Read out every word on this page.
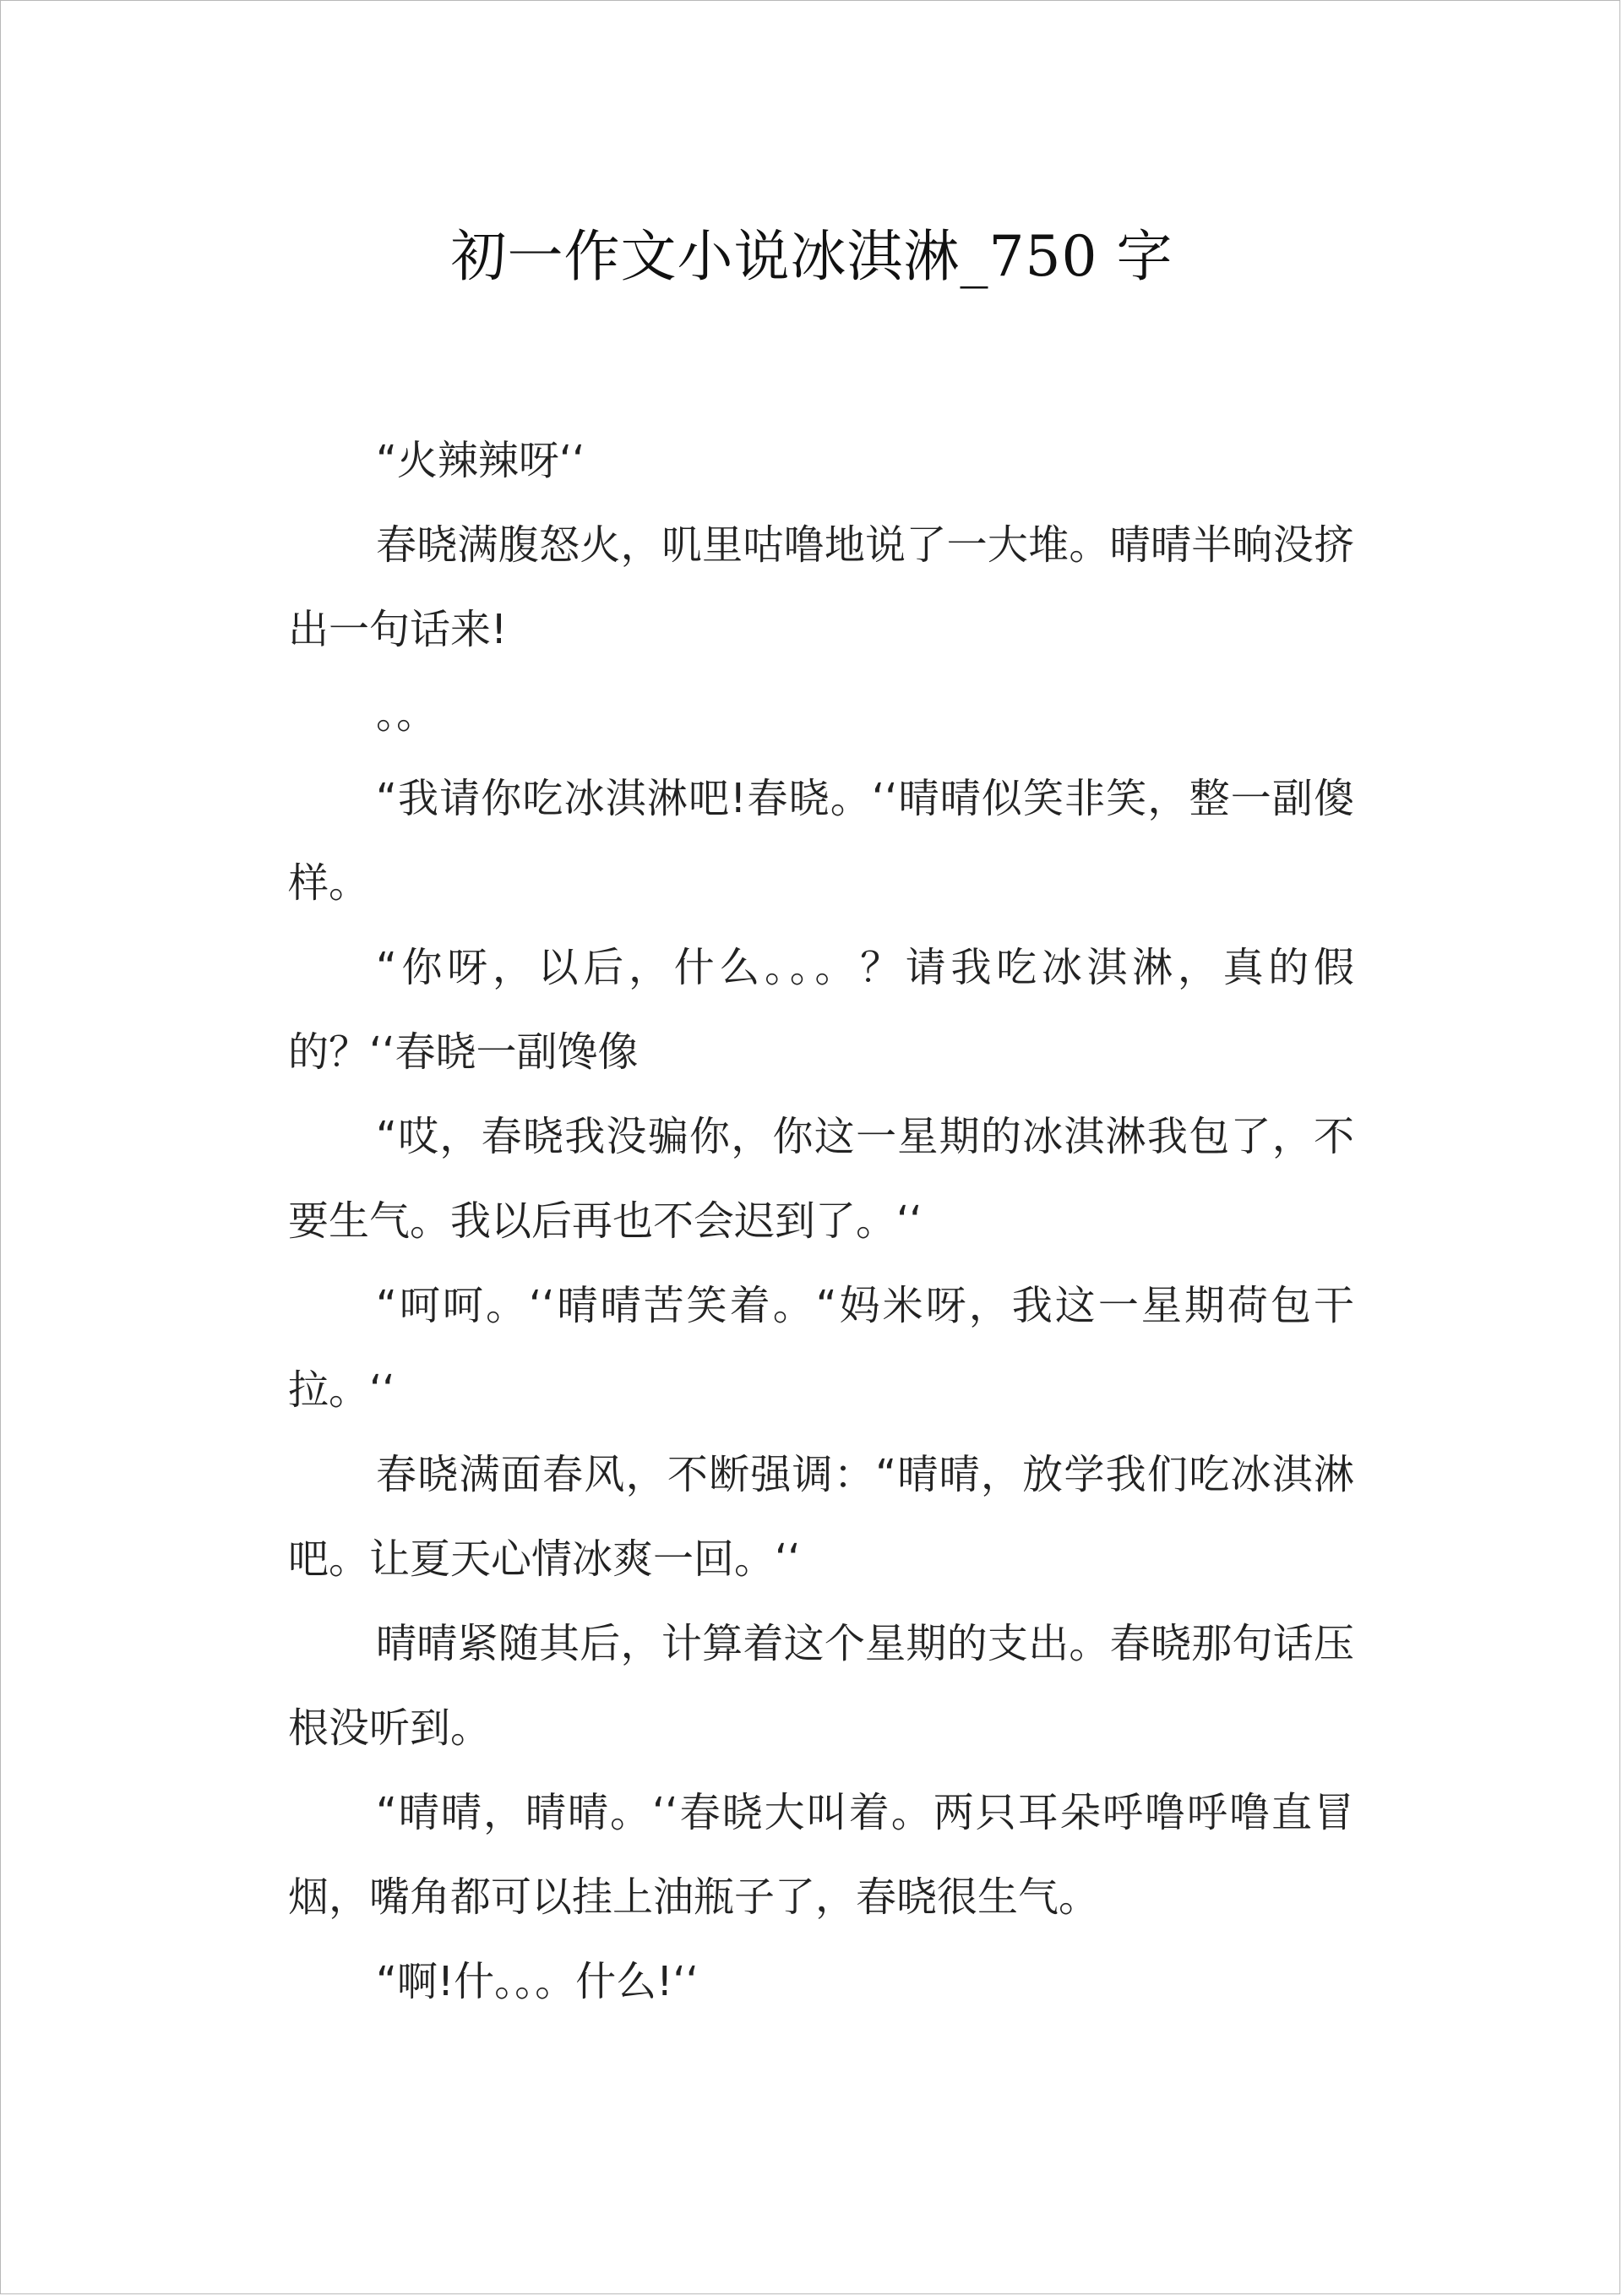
初一作文小说冰淇淋_750 字

“火辣辣呀‘‘

春晓满腹怒火，叽里咕噜地说了一大堆。晴晴半晌没挤出一句话来!

。。

“我请你吃冰淇淋吧!春晓。‘‘晴晴似笑非笑，整一副傻样。

“你呀，以后，什么。。。？请我吃冰淇淋，真的假的？‘‘春晓一副馋像

“哎，春晓我没骗你，你这一星期的冰淇淋我包了，不要生气。我以后再也不会迟到了。‘‘

“呵呵。‘‘晴晴苦笑着。“妈米呀，我这一星期荷包干拉。‘‘

春晓满面春风，不断强调：“晴晴，放学我们吃冰淇淋吧。让夏天心情冰爽一回。‘‘

晴晴紧随其后，计算着这个星期的支出。春晓那句话压根没听到。

“晴晴，晴晴。‘‘春晓大叫着。两只耳朵呼噜呼噜直冒烟，嘴角都可以挂上油瓶子了，春晓很生气。

“啊!什。。。什么!‘‘
